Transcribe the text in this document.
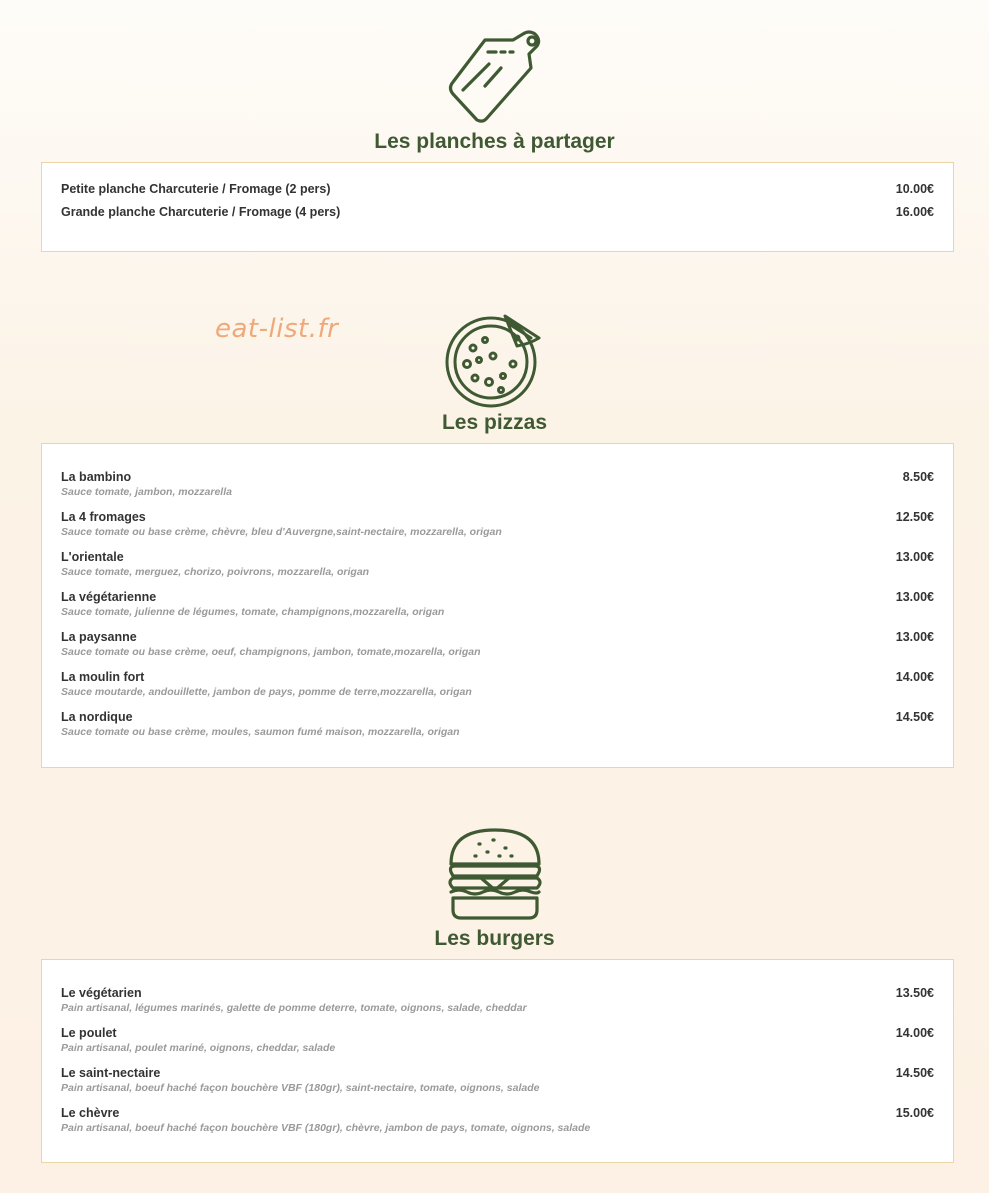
eat-list.fr
Les planches à partager
Petite planche Charcuterie / Fromage (2 pers)	10.00€
Grande planche Charcuterie / Fromage (4 pers)	16.00€
Les pizzas
La bambino	8.50€
Sauce tomate, jambon, mozzarella
La 4 fromages	12.50€
Sauce tomate ou base crème, chèvre, bleu d'Auvergne,saint-nectaire, mozzarella, origan
L'orientale	13.00€
Sauce tomate, merguez, chorizo, poivrons, mozzarella, origan
La végétarienne	13.00€
Sauce tomate, julienne de légumes, tomate, champignons,mozzarella, origan
La paysanne	13.00€
Sauce tomate ou base crème, oeuf, champignons, jambon, tomate,mozarella, origan
La moulin fort	14.00€
Sauce moutarde, andouillette, jambon de pays, pomme de terre,mozzarella, origan
La nordique	14.50€
Sauce tomate ou base crème, moules, saumon fumé maison, mozzarella, origan
Les burgers
Le végétarien	13.50€
Pain artisanal, légumes marinés, galette de pomme deterre, tomate, oignons, salade, cheddar
Le poulet	14.00€
Pain artisanal, poulet mariné, oignons, cheddar, salade
Le saint-nectaire	14.50€
Pain artisanal, boeuf haché façon bouchère VBF (180gr), saint-nectaire, tomate, oignons, salade
Le chèvre	15.00€
Pain artisanal, boeuf haché façon bouchère VBF (180gr), chèvre, jambon de pays, tomate, oignons, salade
